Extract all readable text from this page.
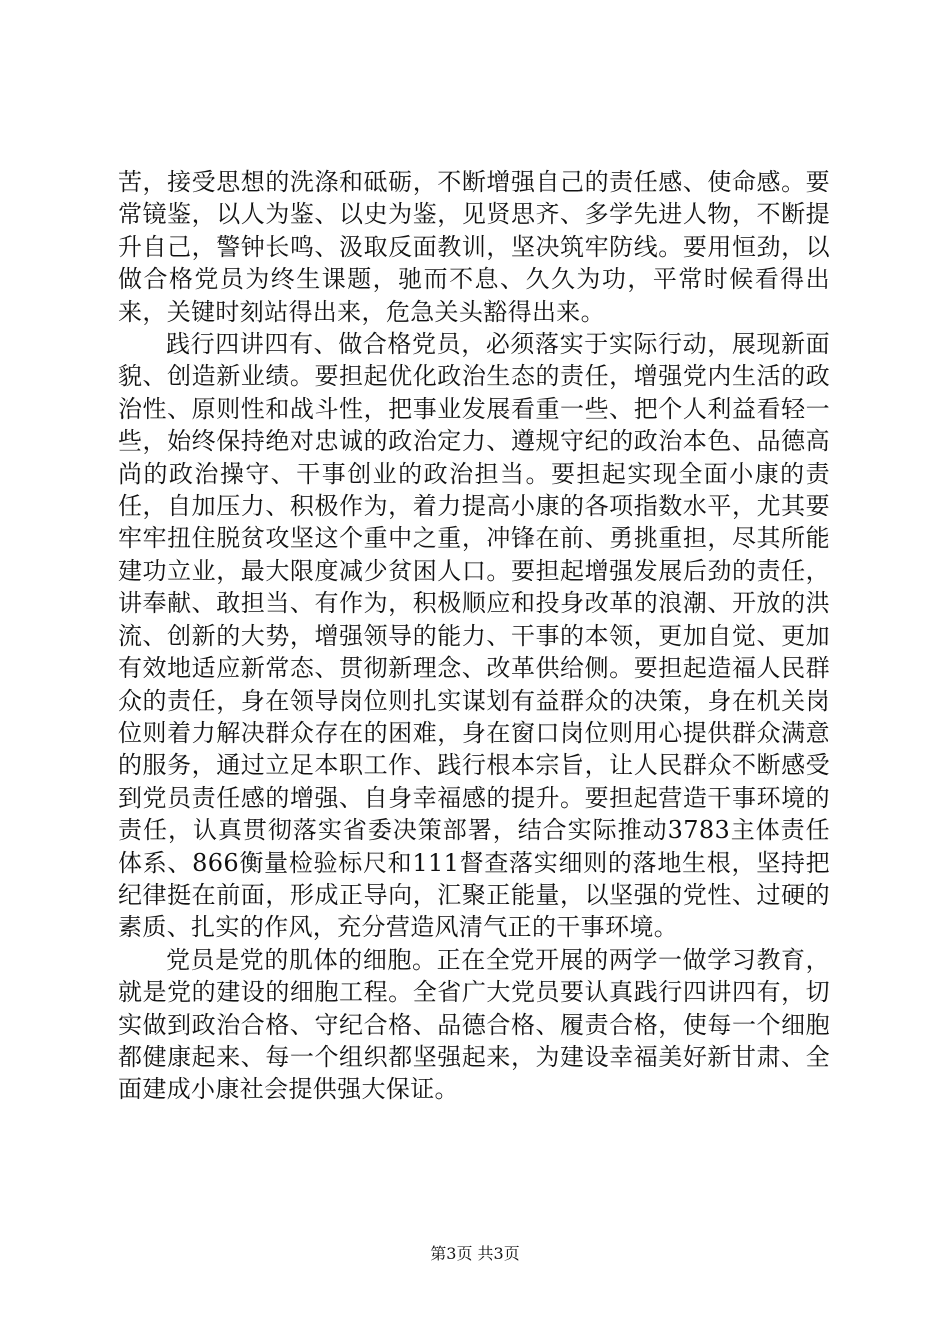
苦，接受思想的洗涤和砥砺，不断增强自己的责任感、使命感。要常镜鉴，以人为鉴、以史为鉴，见贤思齐、多学先进人物，不断提升自己，警钟长鸣、汲取反面教训，坚决筑牢防线。要用恒劲，以做合格党员为终生课题，驰而不息、久久为功，平常时候看得出来，关键时刻站得出来，危急关头豁得出来。

践行四讲四有、做合格党员，必须落实于实际行动，展现新面貌、创造新业绩。要担起优化政治生态的责任，增强党内生活的政治性、原则性和战斗性，把事业发展看重一些、把个人利益看轻一些，始终保持绝对忠诚的政治定力、遵规守纪的政治本色、品德高尚的政治操守、干事创业的政治担当。要担起实现全面小康的责任，自加压力、积极作为，着力提高小康的各项指数水平，尤其要牢牢扭住脱贫攻坚这个重中之重，冲锋在前、勇挑重担，尽其所能建功立业，最大限度减少贫困人口。要担起增强发展后劲的责任，讲奉献、敢担当、有作为，积极顺应和投身改革的浪潮、开放的洪流、创新的大势，增强领导的能力、干事的本领，更加自觉、更加有效地适应新常态、贯彻新理念、改革供给侧。要担起造福人民群众的责任，身在领导岗位则扎实谋划有益群众的决策，身在机关岗位则着力解决群众存在的困难，身在窗口岗位则用心提供群众满意的服务，通过立足本职工作、践行根本宗旨，让人民群众不断感受到党员责任感的增强、自身幸福感的提升。要担起营造干事环境的责任，认真贯彻落实省委决策部署，结合实际推动3783主体责任体系、866衡量检验标尺和111督查落实细则的落地生根，坚持把纪律挺在前面，形成正导向，汇聚正能量，以坚强的党性、过硬的素质、扎实的作风，充分营造风清气正的干事环境。

党员是党的肌体的细胞。正在全党开展的两学一做学习教育，就是党的建设的细胞工程。全省广大党员要认真践行四讲四有，切实做到政治合格、守纪合格、品德合格、履责合格，使每一个细胞都健康起来、每一个组织都坚强起来，为建设幸福美好新甘肃、全面建成小康社会提供强大保证。

第3页 共3页
